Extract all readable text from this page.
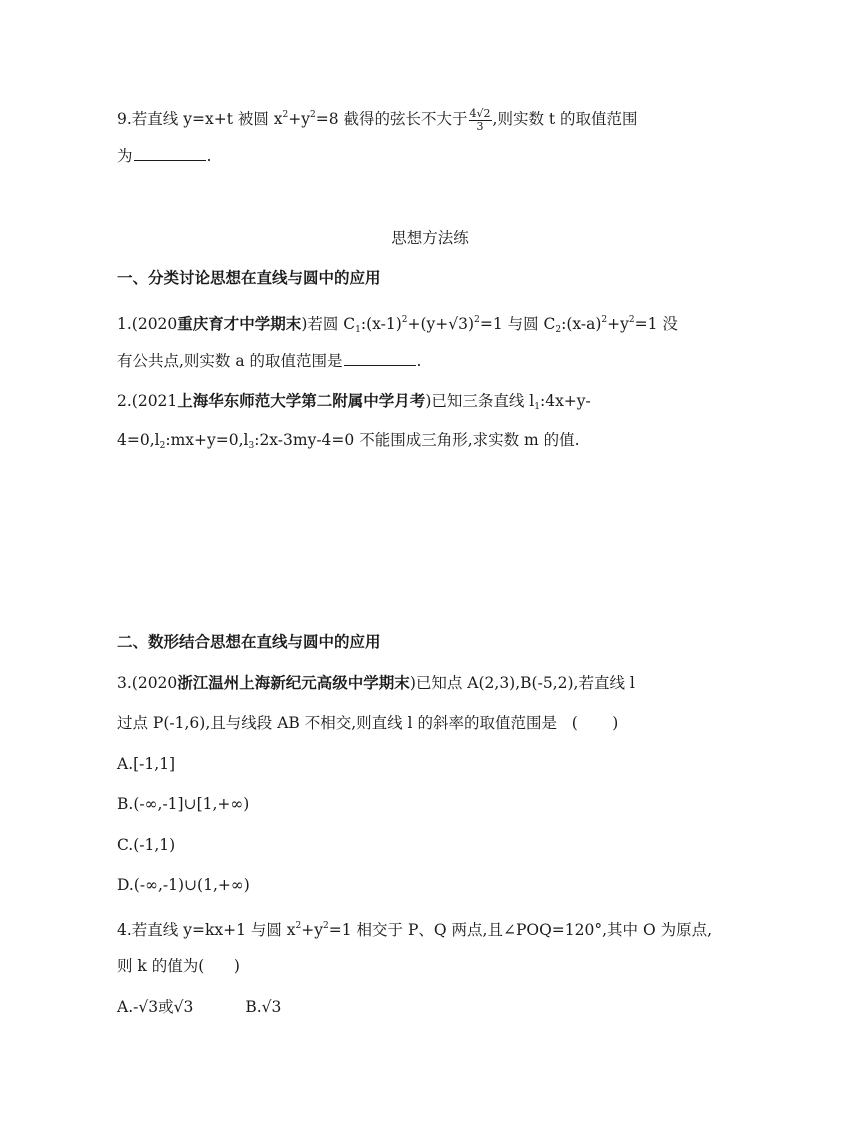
9.若直线 y=x+t 被圆 $x^2+y^2=8$ 截得的弦长不大于 $\frac{4√2}{3}$ ,则实数 t 的取值范围
为	.
思想方法练
一、分类讨论思想在直线与圆中的应用
1.(2020重庆育才中学期末)若圆 $C_1:(x-1)^2+(y+√3)^2=1$ 与圆 $C_2:(x-a)^2+y^2=1$ 没
有公共点,则实数 a 的取值范围是	.
2.(2021上海华东师范大学第二附属中学月考)已知三条直线 $l_1:4x+y-$
$4=0,l_2:mx+y=0,l_3:2x-3my-4=0$ 不能围成三角形,求实数 m 的值.
二、数形结合思想在直线与圆中的应用
3.(2020浙江温州上海新纪元高级中学期末)已知点 A(2,3),B(-5,2),若直线 l
过点 P(-1,6),且与线段 AB 不相交,则直线 l 的斜率的取值范围是   (       )
A.[-1,1]
B.(-∞,-1]∪[1,+∞)
C.(-1,1)
D.(-∞,-1)∪(1,+∞)
4.若直线 y=kx+1 与圆 $x^2+y^2=1$ 相交于 P、Q 两点,且∠POQ=120°,其中 O 为原点,
则 k 的值为(      )
A.-√3或√3	B.√3
